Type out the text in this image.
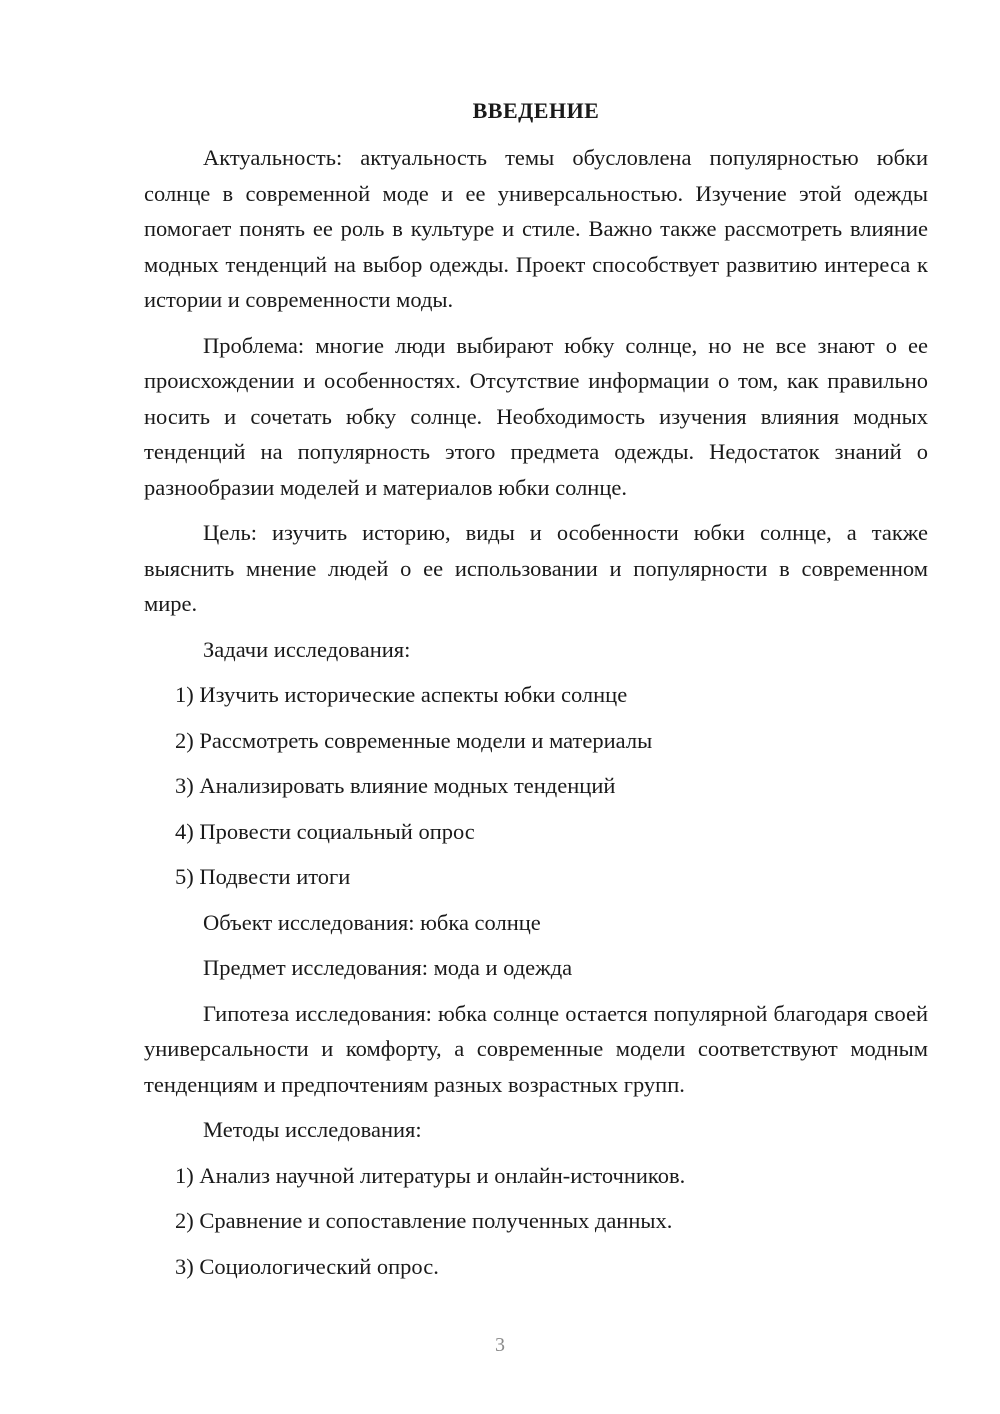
ВВЕДЕНИЕ

Актуальность: актуальность темы обусловлена популярностью юбки солнце в современной моде и ее универсальностью. Изучение этой одежды помогает понять ее роль в культуре и стиле. Важно также рассмотреть влияние модных тенденций на выбор одежды. Проект способствует развитию интереса к истории и современности моды.

Проблема: многие люди выбирают юбку солнце, но не все знают о ее происхождении и особенностях. Отсутствие информации о том, как правильно носить и сочетать юбку солнце. Необходимость изучения влияния модных тенденций на популярность этого предмета одежды. Недостаток знаний о разнообразии моделей и материалов юбки солнце.

Цель: изучить историю, виды и особенности юбки солнце, а также выяснить мнение людей о ее использовании и популярности в современном мире.

Задачи исследования:

1) Изучить исторические аспекты юбки солнце
2) Рассмотреть современные модели и материалы
3) Анализировать влияние модных тенденций
4) Провести социальный опрос
5) Подвести итоги

Объект исследования: юбка солнце

Предмет исследования: мода и одежда

Гипотеза исследования: юбка солнце остается популярной благодаря своей универсальности и комфорту, а современные модели соответствуют модным тенденциям и предпочтениям разных возрастных групп.

Методы исследования:

1) Анализ научной литературы и онлайн-источников.
2) Сравнение и сопоставление полученных данных.
3) Социологический опрос.
3
